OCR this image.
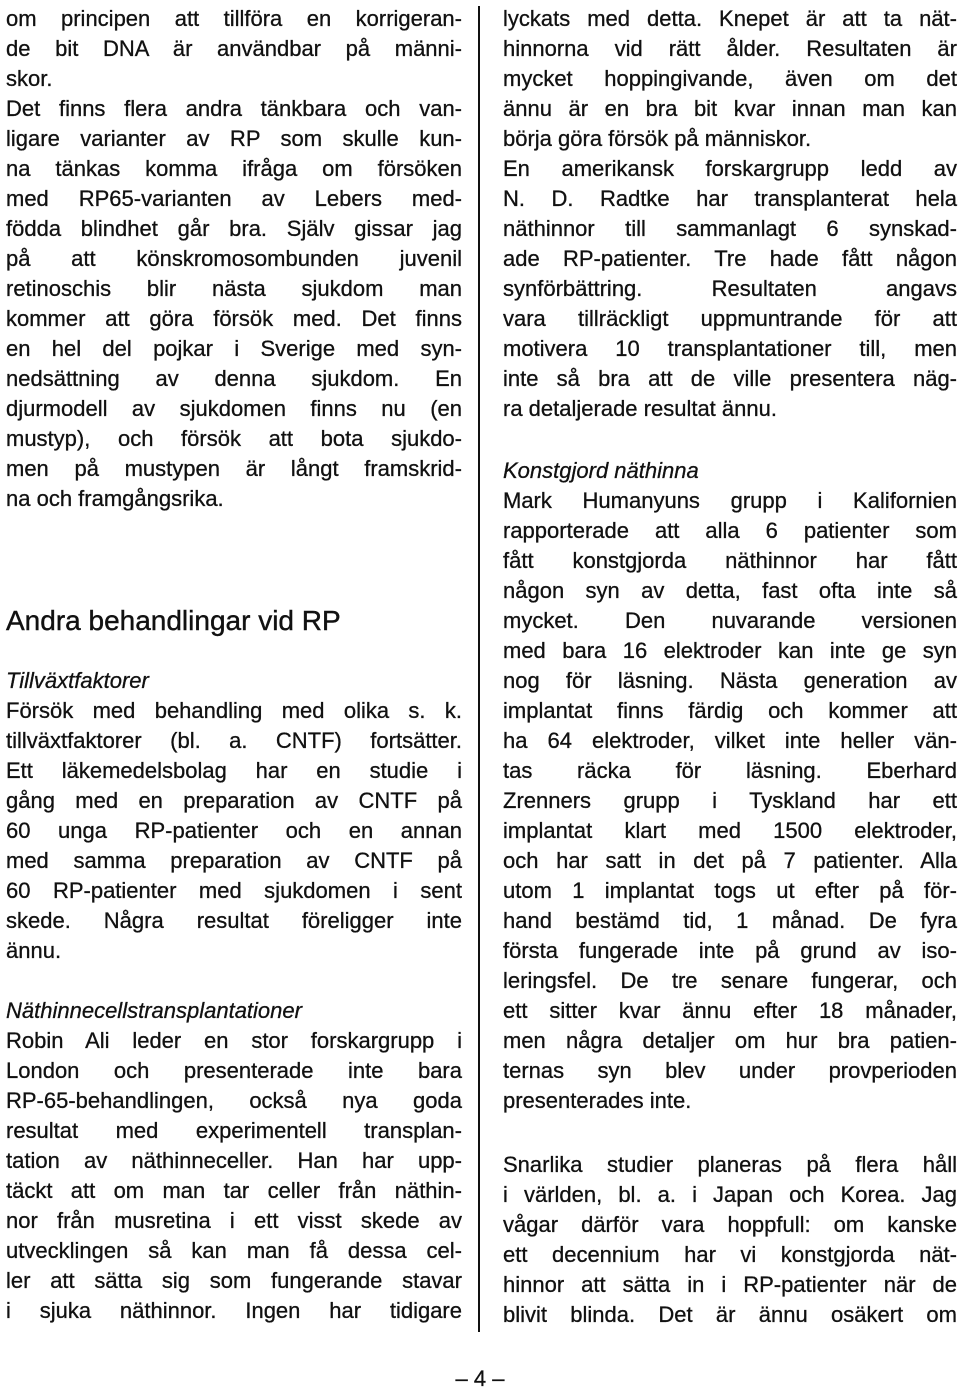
om principen att tillföra en korrigeran-
de bit DNA är användbar på männi-
skor.
Det finns flera andra tänkbara och van-
ligare varianter av RP som skulle kun-
na tänkas komma ifråga om försöken
med RP65-varianten av Lebers med-
födda blindhet går bra. Själv gissar jag
på att könskromosombunden juvenil
retinoschis blir nästa sjukdom man
kommer att göra försök med. Det finns
en hel del pojkar i Sverige med syn-
nedsättning av denna sjukdom. En
djurmodell av sjukdomen finns nu (en
mustyp), och försök att bota sjukdo-
men på mustypen är långt framskrid-
na och framgångsrika.
Andra behandlingar vid RP
Tillväxtfaktorer
Försök med behandling med olika s. k.
tillväxtfaktorer (bl. a. CNTF) fortsätter.
Ett läkemedelsbolag har en studie i
gång med en preparation av CNTF på
60 unga RP-patienter och en annan
med samma preparation av CNTF på
60 RP-patienter med sjukdomen i sent
skede. Några resultat föreligger inte
ännu.
Näthinnecellstransplantationer
Robin Ali leder en stor forskargrupp i
London och presenterade inte bara
RP-65-behandlingen, också nya goda
resultat med experimentell transplan-
tation av näthinneceller. Han har upp-
täckt att om man tar celler från näthin-
nor från musretina i ett visst skede av
utvecklingen så kan man få dessa cel-
ler att sätta sig som fungerande stavar
i sjuka näthinnor. Ingen har tidigare
lyckats med detta. Knepet är att ta nät-
hinnorna vid rätt ålder. Resultaten är
mycket hoppingivande, även om det
ännu är en bra bit kvar innan man kan
börja göra försök på människor.
En amerikansk forskargrupp ledd av
N. D. Radtke har transplanterat hela
näthinnor till sammanlagt 6 synskad-
ade RP-patienter. Tre hade fått någon
synförbättring. Resultaten angavs
vara tillräckligt uppmuntrande för att
motivera 10 transplantationer till, men
inte så bra att de ville presentera näg-
ra detaljerade resultat ännu.
Konstgjord näthinna
Mark Humanyuns grupp i Kalifornien
rapporterade att alla 6 patienter som
fått konstgjorda näthinnor har fått
någon syn av detta, fast ofta inte så
mycket. Den nuvarande versionen
med bara 16 elektroder kan inte ge syn
nog för läsning. Nästa generation av
implantat finns färdig och kommer att
ha 64 elektroder, vilket inte heller vän-
tas räcka för läsning. Eberhard
Zrenners grupp i Tyskland har ett
implantat klart med 1500 elektroder,
och har satt in det på 7 patienter. Alla
utom 1 implantat togs ut efter på för-
hand bestämd tid, 1 månad. De fyra
första fungerade inte på grund av iso-
leringsfel. De tre senare fungerar, och
ett sitter kvar ännu efter 18 månader,
men några detaljer om hur bra patien-
ternas syn blev under provperioden
presenterades inte.
Snarlika studier planeras på flera håll
i världen, bl. a. i Japan och Korea. Jag
vågar därför vara hoppfull: om kanske
ett decennium har vi konstgjorda nät-
hinnor att sätta in i RP-patienter när de
blivit blinda. Det är ännu osäkert om
– 4 –
